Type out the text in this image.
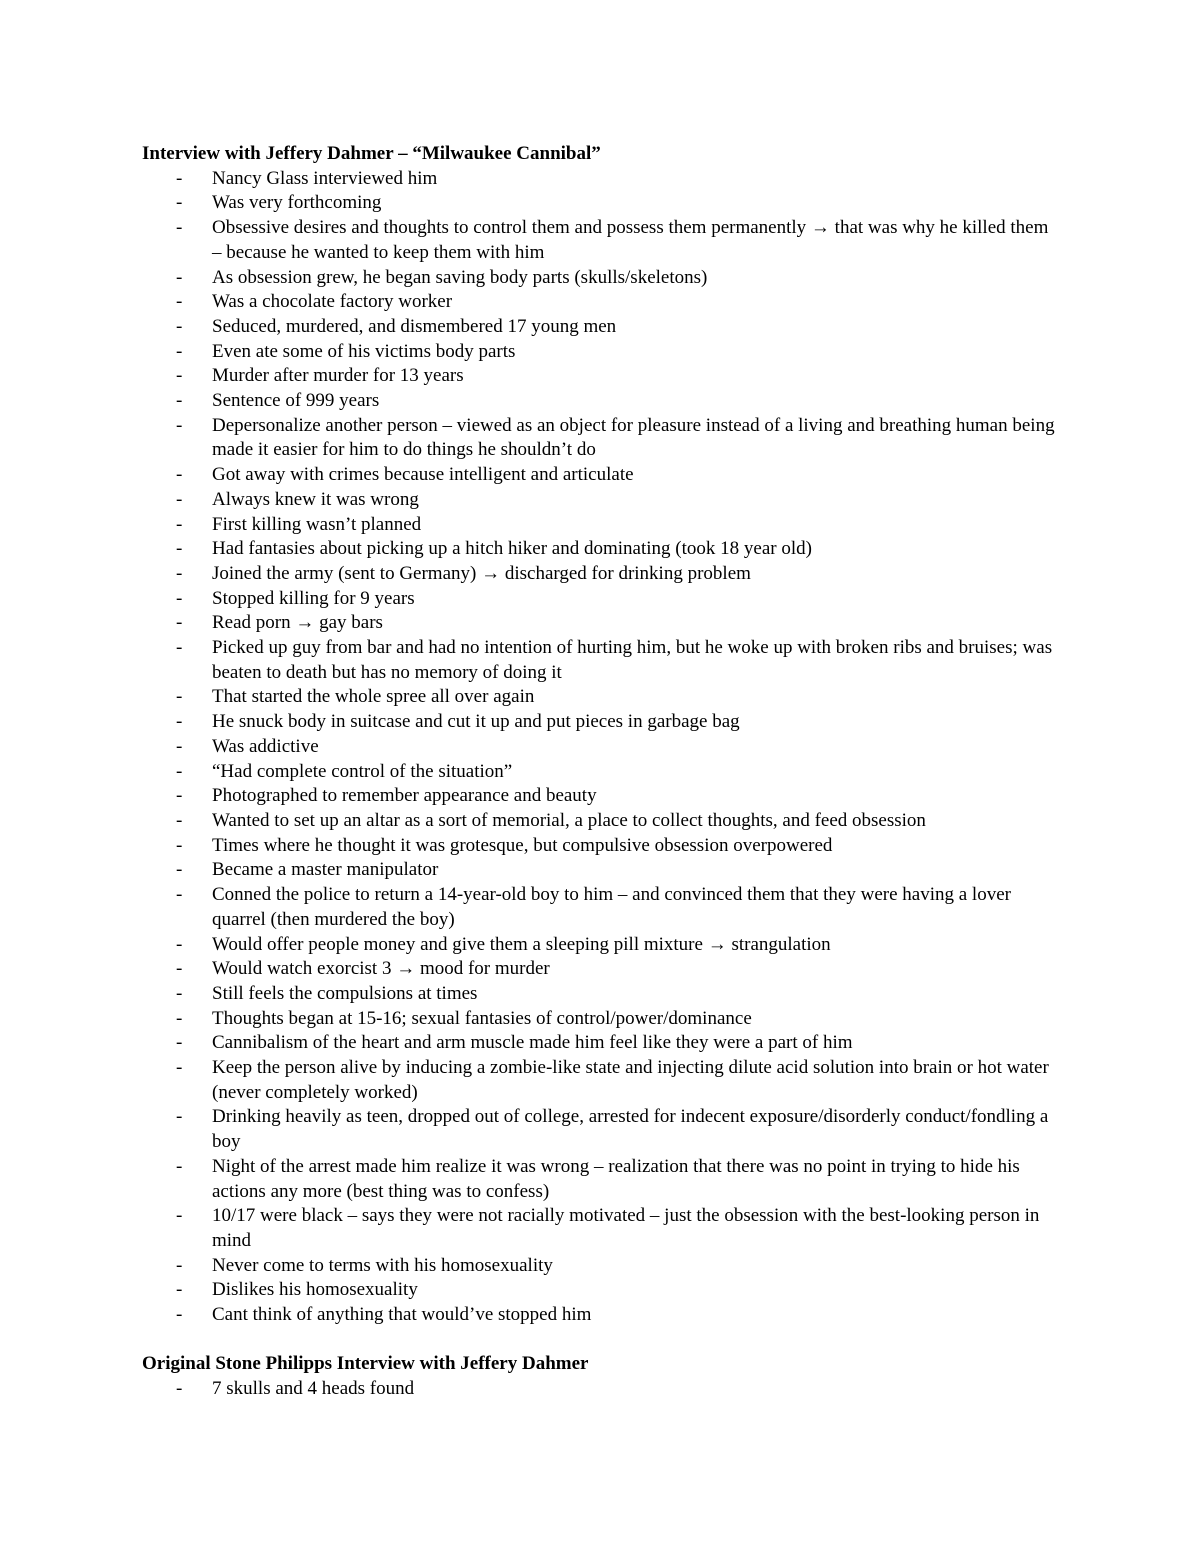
Interview with Jeffery Dahmer – “Milwaukee Cannibal”
- Nancy Glass interviewed him
- Was very forthcoming
- Obsessive desires and thoughts to control them and possess them permanently → that was why he killed them – because he wanted to keep them with him
- As obsession grew, he began saving body parts (skulls/skeletons)
- Was a chocolate factory worker
- Seduced, murdered, and dismembered 17 young men
- Even ate some of his victims body parts
- Murder after murder for 13 years
- Sentence of 999 years
- Depersonalize another person – viewed as an object for pleasure instead of a living and breathing human being made it easier for him to do things he shouldn’t do
- Got away with crimes because intelligent and articulate
- Always knew it was wrong
- First killing wasn’t planned
- Had fantasies about picking up a hitch hiker and dominating (took 18 year old)
- Joined the army (sent to Germany) → discharged for drinking problem
- Stopped killing for 9 years
- Read porn → gay bars
- Picked up guy from bar and had no intention of hurting him, but he woke up with broken ribs and bruises; was beaten to death but has no memory of doing it
- That started the whole spree all over again
- He snuck body in suitcase and cut it up and put pieces in garbage bag
- Was addictive
- “Had complete control of the situation”
- Photographed to remember appearance and beauty
- Wanted to set up an altar as a sort of memorial, a place to collect thoughts, and feed obsession
- Times where he thought it was grotesque, but compulsive obsession overpowered
- Became a master manipulator
- Conned the police to return a 14-year-old boy to him – and convinced them that they were having a lover quarrel (then murdered the boy)
- Would offer people money and give them a sleeping pill mixture → strangulation
- Would watch exorcist 3 → mood for murder
- Still feels the compulsions at times
- Thoughts began at 15-16; sexual fantasies of control/power/dominance
- Cannibalism of the heart and arm muscle made him feel like they were a part of him
- Keep the person alive by inducing a zombie-like state and injecting dilute acid solution into brain or hot water (never completely worked)
- Drinking heavily as teen, dropped out of college, arrested for indecent exposure/disorderly conduct/fondling a boy
- Night of the arrest made him realize it was wrong – realization that there was no point in trying to hide his actions any more (best thing was to confess)
- 10/17 were black – says they were not racially motivated – just the obsession with the best-looking person in mind
- Never come to terms with his homosexuality
- Dislikes his homosexuality
- Cant think of anything that would’ve stopped him
Original Stone Philipps Interview with Jeffery Dahmer
- 7 skulls and 4 heads found
